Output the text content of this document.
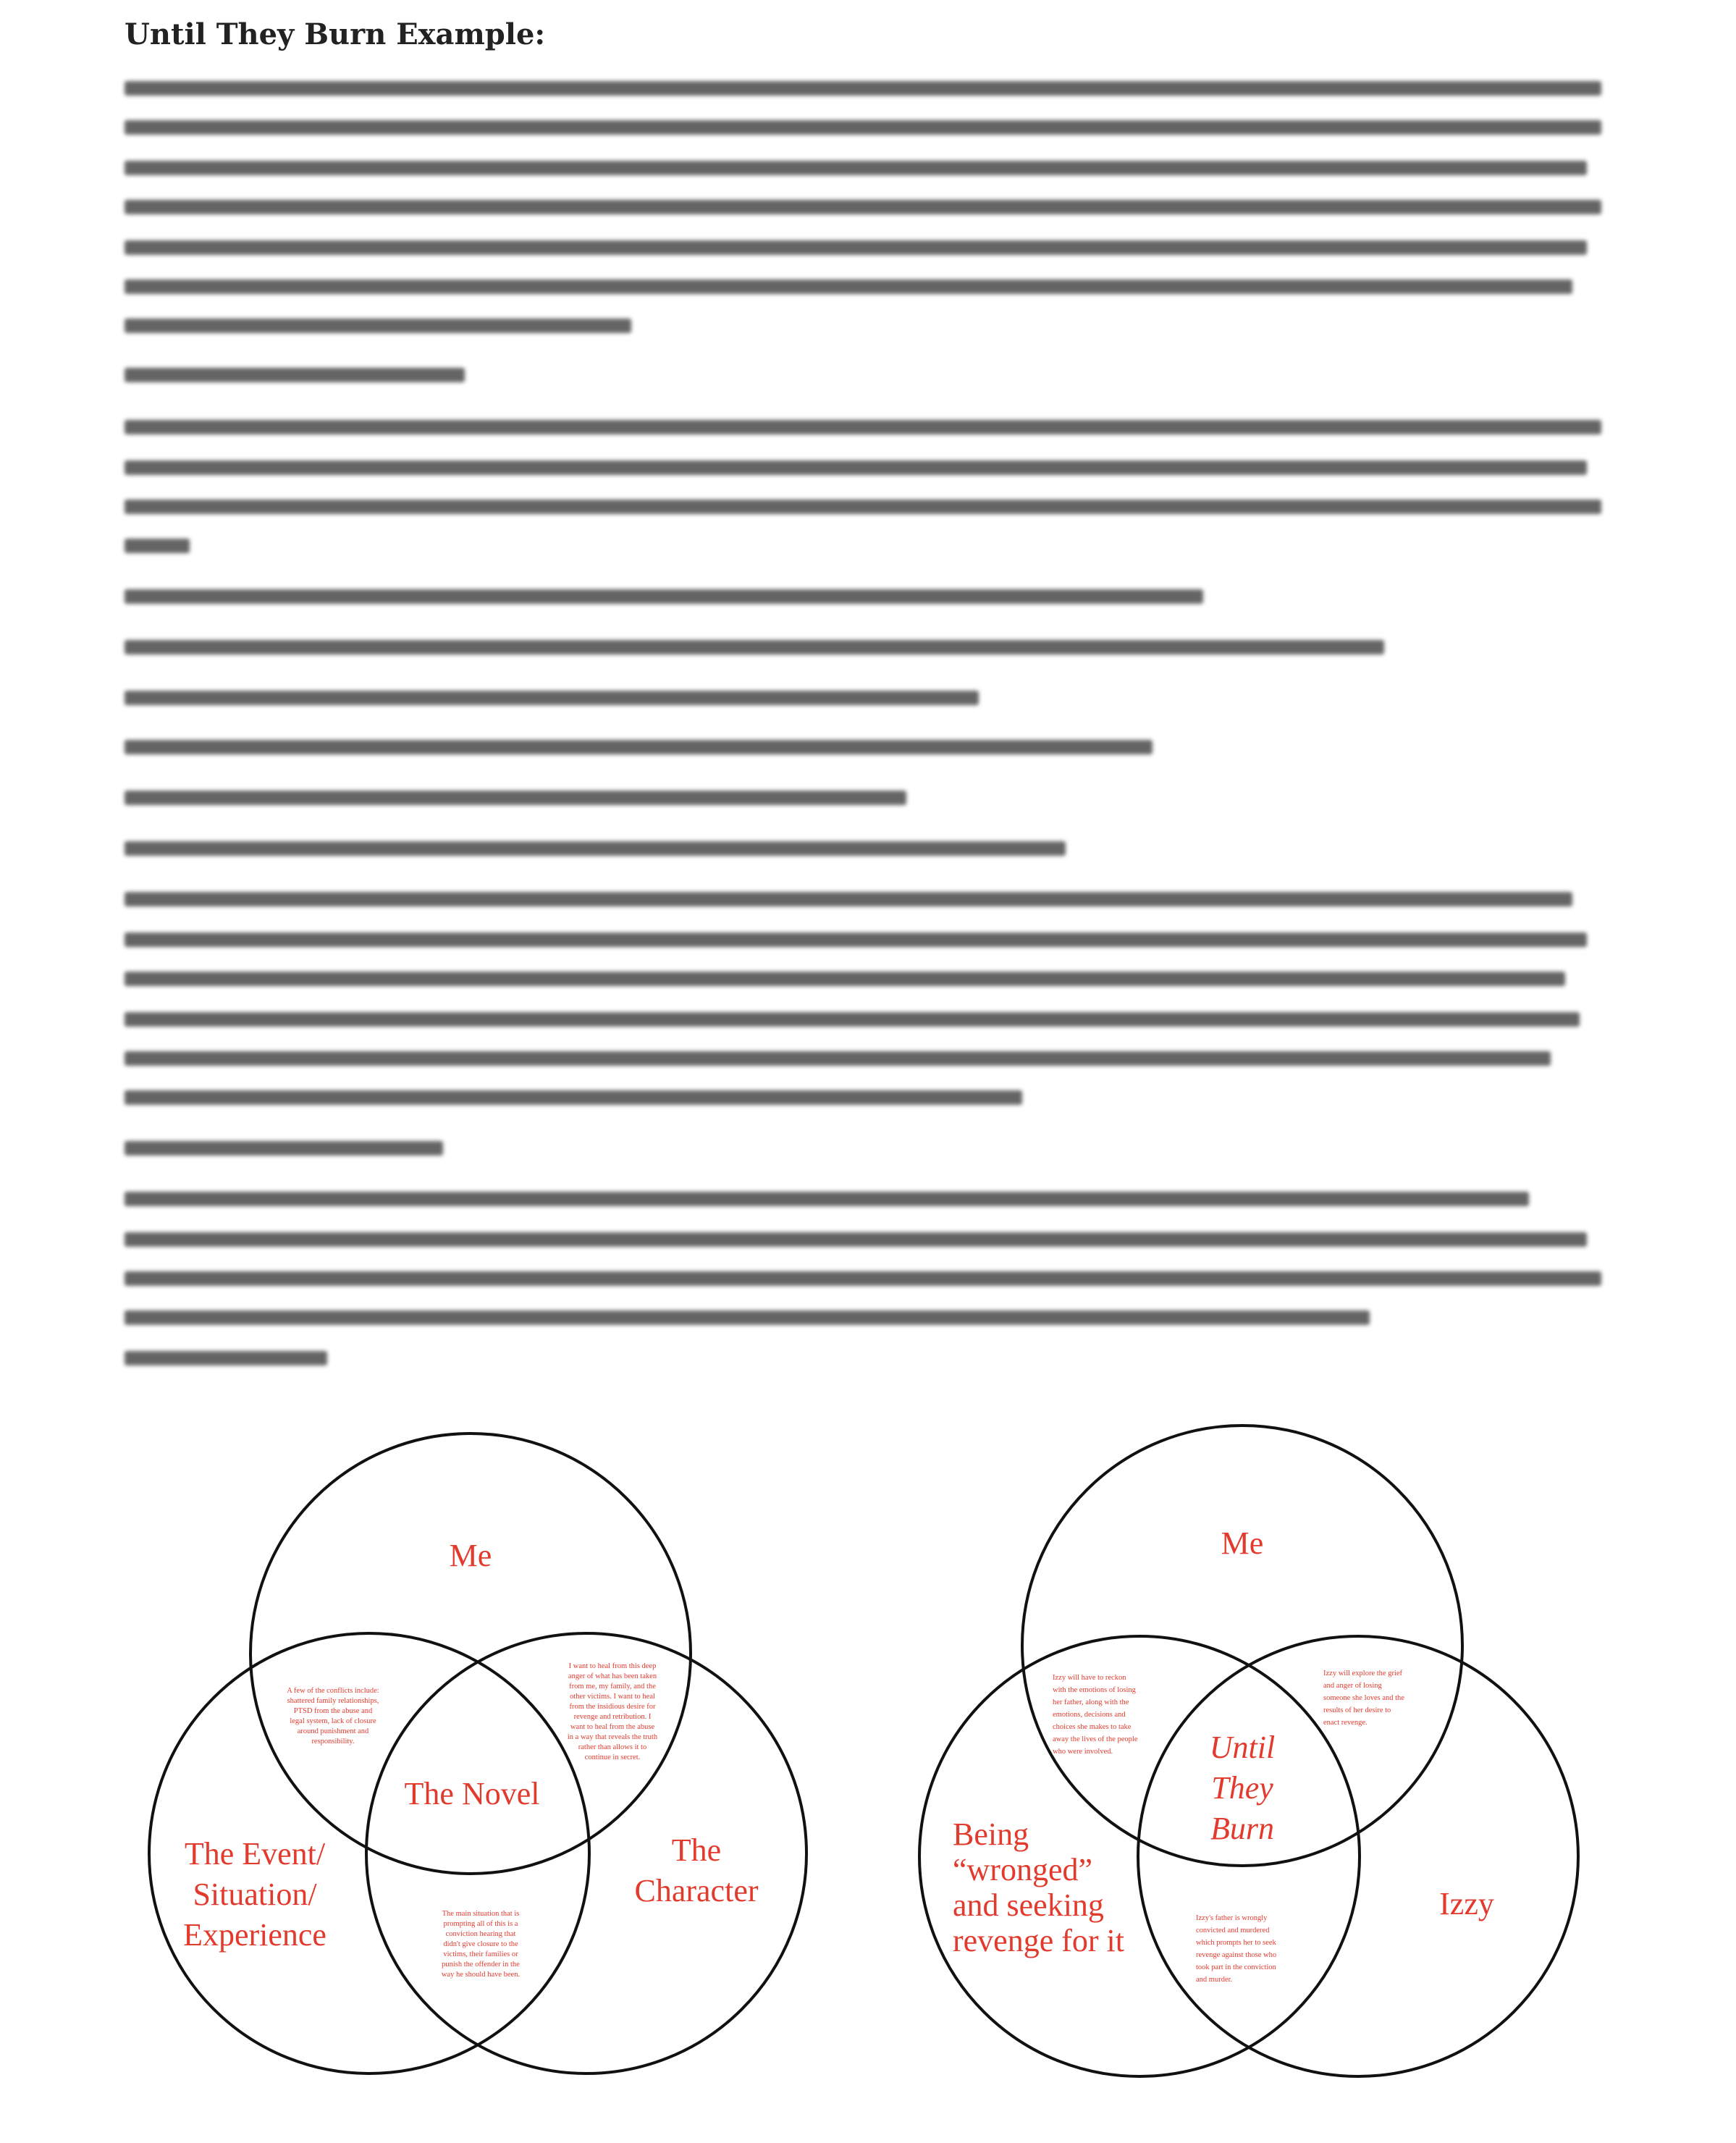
Until They Burn Example:
Me
The Novel
The Event/
Situation/
Experience
The
Character
A few of the conflicts include:
shattered family relationships,
PTSD from the abuse and
legal system, lack of closure
around punishment and
responsibility.
I want to heal from this deep
anger of what has been taken
from me, my family, and the
other victims. I want to heal
from the insidious desire for
revenge and retribution. I
want to heal from the abuse
in a way that reveals the truth
rather than allows it to
continue in secret.
The main situation that is
prompting all of this is a
conviction hearing that
didn't give closure to the
victims, their families or
punish the offender in the
way he should have been.
Me
Until
They
Burn
Being
“wronged”
and seeking
revenge for it
Izzy
Izzy will have to reckon
with the emotions of losing
her father, along with the
emotions, decisions and
choices she makes to take
away the lives of the people
who were involved.
Izzy will explore the grief
and anger of losing
someone she loves and the
results of her desire to
enact revenge.
Izzy's father is wrongly
convicted and murdered
which prompts her to seek
revenge against those who
took part in the conviction
and murder.
